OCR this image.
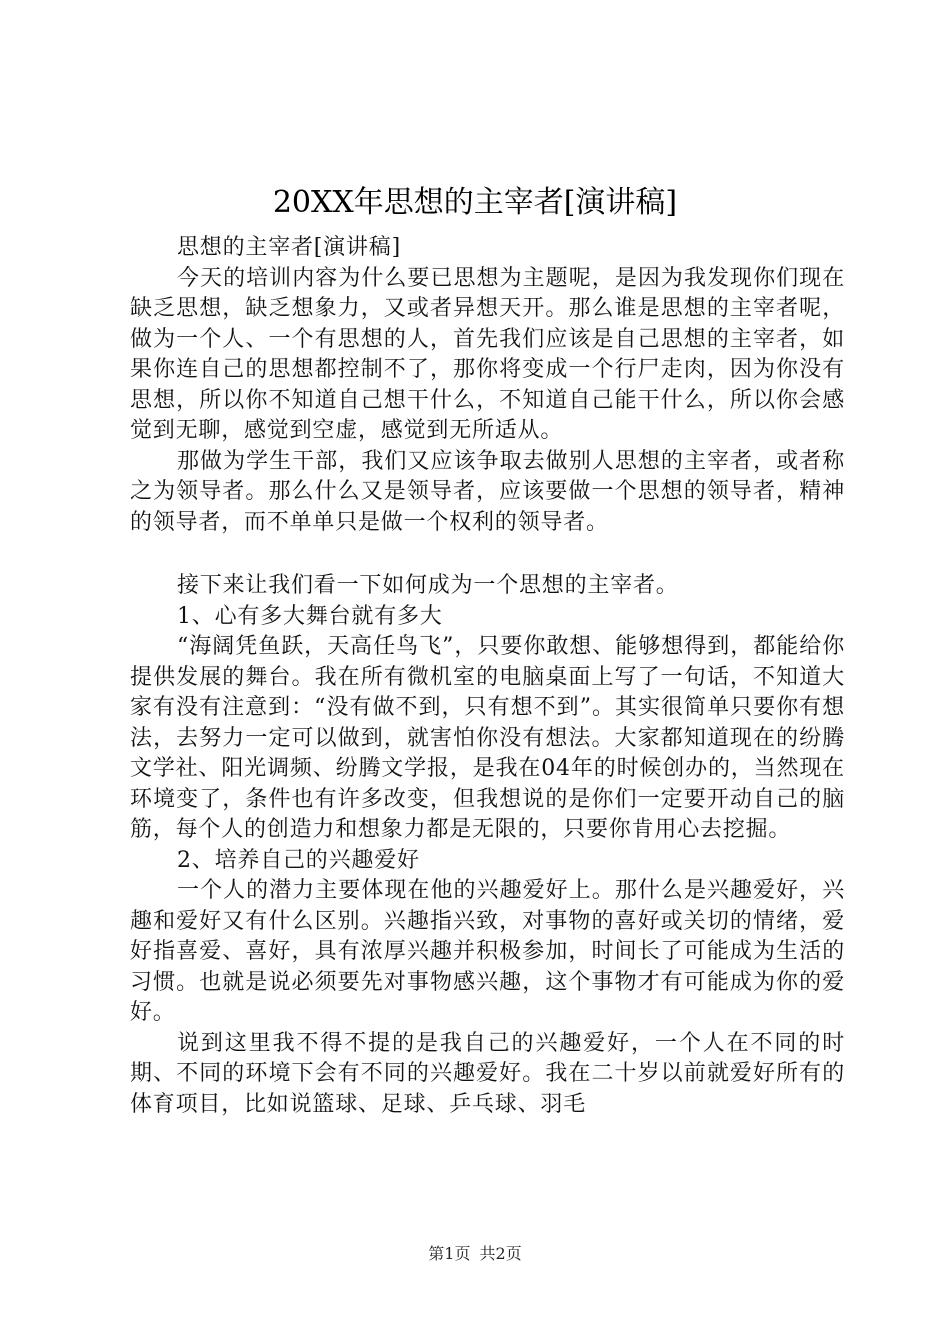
20XX年思想的主宰者[演讲稿]

思想的主宰者[演讲稿]

今天的培训内容为什么要已思想为主题呢，是因为我发现你们现在缺乏思想，缺乏想象力，又或者异想天开。那么谁是思想的主宰者呢，做为一个人、一个有思想的人，首先我们应该是自己思想的主宰者，如果你连自己的思想都控制不了，那你将变成一个行尸走肉，因为你没有思想，所以你不知道自己想干什么，不知道自己能干什么，所以你会感觉到无聊，感觉到空虚，感觉到无所适从。

那做为学生干部，我们又应该争取去做别人思想的主宰者，或者称之为领导者。那么什么又是领导者，应该要做一个思想的领导者，精神的领导者，而不单单只是做一个权利的领导者。

接下来让我们看一下如何成为一个思想的主宰者。

1、心有多大舞台就有多大

“海阔凭鱼跃，天高任鸟飞”，只要你敢想、能够想得到，都能给你提供发展的舞台。我在所有微机室的电脑桌面上写了一句话，不知道大家有没有注意到：“没有做不到，只有想不到”。其实很简单只要你有想法，去努力一定可以做到，就害怕你没有想法。大家都知道现在的纷腾文学社、阳光调频、纷腾文学报，是我在04年的时候创办的，当然现在环境变了，条件也有许多改变，但我想说的是你们一定要开动自己的脑筋，每个人的创造力和想象力都是无限的，只要你肯用心去挖掘。

2、培养自己的兴趣爱好

一个人的潜力主要体现在他的兴趣爱好上。那什么是兴趣爱好，兴趣和爱好又有什么区别。兴趣指兴致，对事物的喜好或关切的情绪，爱好指喜爱、喜好，具有浓厚兴趣并积极参加，时间长了可能成为生活的习惯。也就是说必须要先对事物感兴趣，这个事物才有可能成为你的爱好。

说到这里我不得不提的是我自己的兴趣爱好，一个人在不同的时期、不同的环境下会有不同的兴趣爱好。我在二十岁以前就爱好所有的体育项目，比如说篮球、足球、乒乓球、羽毛

第1页 共2页
